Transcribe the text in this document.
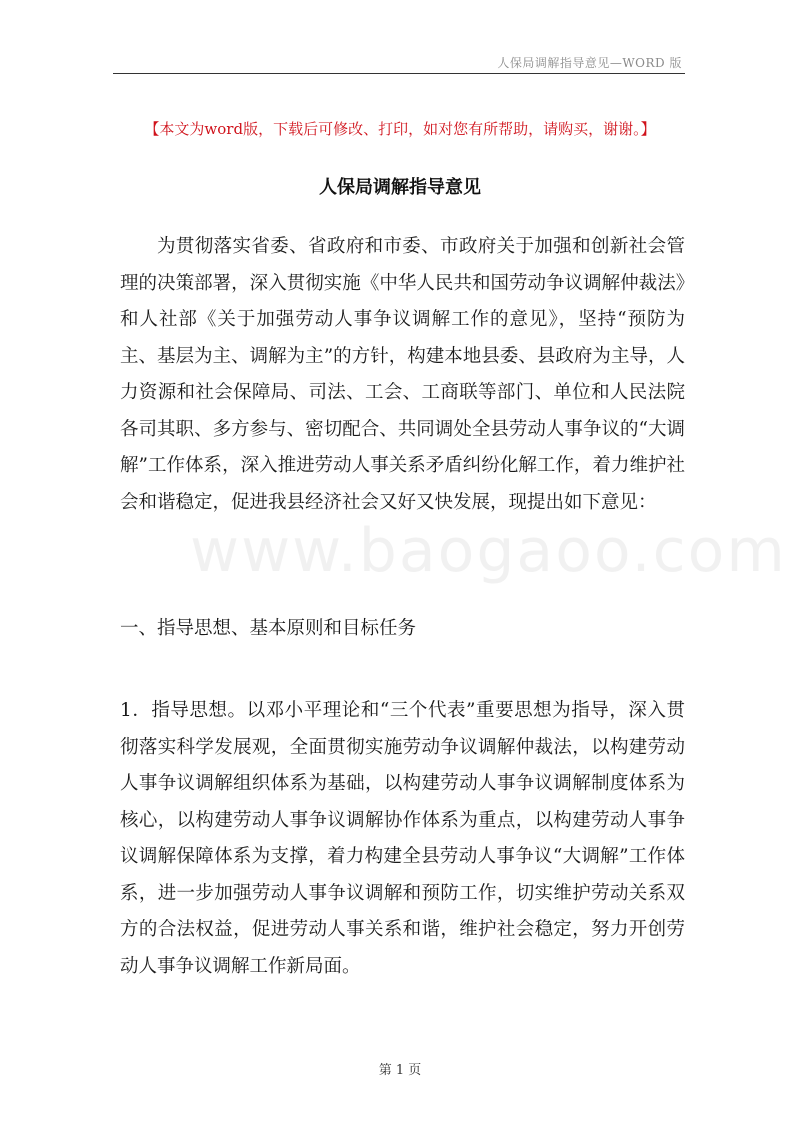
人保局调解指导意见—WORD 版
【本文为word版，下载后可修改、打印，如对您有所帮助，请购买，谢谢。】
人保局调解指导意见

为贯彻落实省委、省政府和市委、市政府关于加强和创新社会管理的决策部署，深入贯彻实施《中华人民共和国劳动争议调解仲裁法》和人社部《关于加强劳动人事争议调解工作的意见》，坚持“预防为主、基层为主、调解为主”的方针，构建本地县委、县政府为主导，人力资源和社会保障局、司法、工会、工商联等部门、单位和人民法院各司其职、多方参与、密切配合、共同调处全县劳动人事争议的“大调解”工作体系，深入推进劳动人事关系矛盾纠纷化解工作，着力维护社会和谐稳定，促进我县经济社会又好又快发展，现提出如下意见：

www.baogaoo.com
一、指导思想、基本原则和目标任务

1．指导思想。以邓小平理论和“三个代表”重要思想为指导，深入贯彻落实科学发展观，全面贯彻实施劳动争议调解仲裁法，以构建劳动人事争议调解组织体系为基础，以构建劳动人事争议调解制度体系为核心，以构建劳动人事争议调解协作体系为重点，以构建劳动人事争议调解保障体系为支撑，着力构建全县劳动人事争议“大调解”工作体系，进一步加强劳动人事争议调解和预防工作，切实维护劳动关系双方的合法权益，促进劳动人事关系和谐，维护社会稳定，努力开创劳动人事争议调解工作新局面。

第 1 页
